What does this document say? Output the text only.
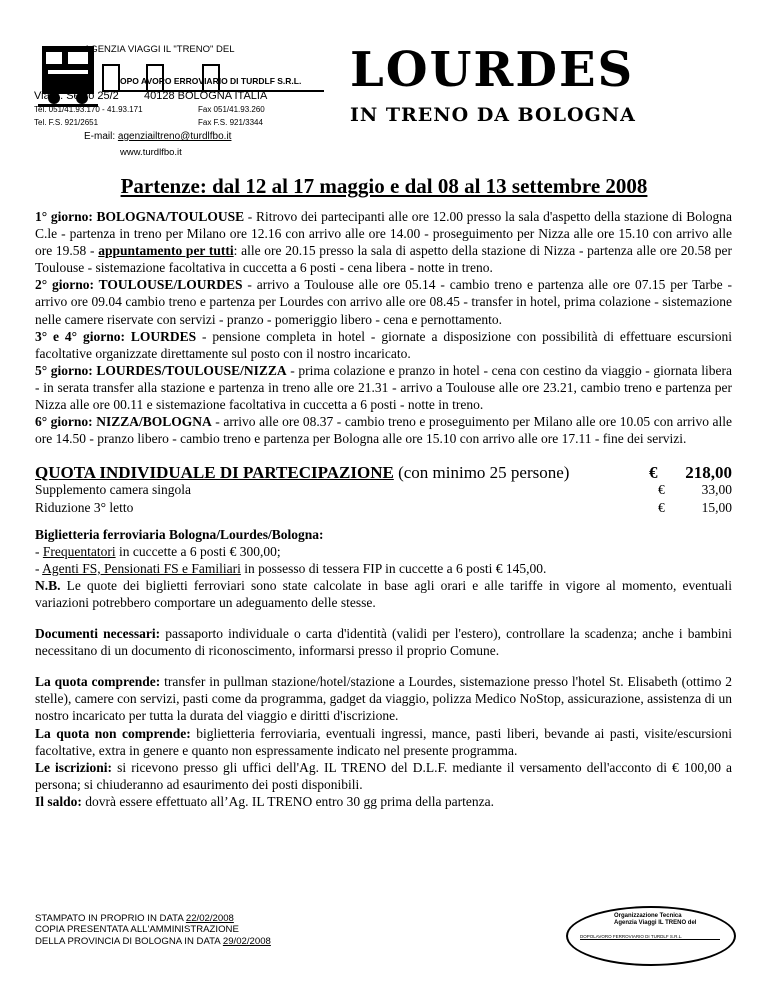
AGENZIA VIAGGI IL "TRENO" DEL
OPO AVORO ERROVIARIO DI TURDLF S.R.L.
Via S. Serlio 25/2 40128 BOLOGNA ITALIA
Tel. 051/41.93.170 - 41.93.171	Fax 051/41.93.260
Tel. F.S. 921/2651	Fax F.S. 921/3344
E-mail: agenziailtreno@turdlfbo.it
www.turdlfbo.it
LOURDES
IN TRENO DA BOLOGNA
Partenze: dal 12 al 17 maggio e dal 08 al 13 settembre 2008

1° giorno: BOLOGNA/TOULOUSE - Ritrovo dei partecipanti alle ore 12.00 presso la sala d'aspetto della stazione di Bologna C.le - partenza in treno per Milano ore 12.16 con arrivo alle ore 14.00 - proseguimento per Nizza alle ore 15.10 con arrivo alle ore 19.58 - appuntamento per tutti: alle ore 20.15 presso la sala di aspetto della stazione di Nizza - partenza alle ore 20.58 per Toulouse - sistemazione facoltativa in cuccetta a 6 posti - cena libera - notte in treno.

2° giorno: TOULOUSE/LOURDES - arrivo a Toulouse alle ore 05.14 - cambio treno e partenza alle ore 07.15 per Tarbe - arrivo ore 09.04 cambio treno e partenza per Lourdes con arrivo alle ore 08.45 - transfer in hotel, prima colazione - sistemazione nelle camere riservate con servizi - pranzo - pomeriggio libero - cena e pernottamento.

3° e 4° giorno: LOURDES - pensione completa in hotel - giornate a disposizione con possibilità di effettuare escursioni facoltative organizzate direttamente sul posto con il nostro incaricato.

5° giorno: LOURDES/TOULOUSE/NIZZA - prima colazione e pranzo in hotel - cena con cestino da viaggio - giornata libera - in serata transfer alla stazione e partenza in treno alle ore 21.31 - arrivo a Toulouse alle ore 23.21, cambio treno e partenza per Nizza alle ore 00.11 e sistemazione facoltativa in cuccetta a 6 posti - notte in treno.

6° giorno: NIZZA/BOLOGNA - arrivo alle ore 08.37 - cambio treno e proseguimento per Milano alle ore 10.05 con arrivo alle ore 14.50 - pranzo libero - cambio treno e partenza per Bologna alle ore 15.10 con arrivo alle ore 17.11 - fine dei servizi.

QUOTA INDIVIDUALE DI PARTECIPAZIONE (con minimo 25 persone)	€ 218,00
Supplemento camera singola	€	33,00
Riduzione 3° letto	€	15,00

Biglietteria ferroviaria Bologna/Lourdes/Bologna:

- Frequentatori in cuccette a 6 posti € 300,00;

- Agenti FS, Pensionati FS e Familiari in possesso di tessera FIP in cuccette a 6 posti € 145,00.

N.B. Le quote dei biglietti ferroviari sono state calcolate in base agli orari e alle tariffe in vigore al momento, eventuali variazioni potrebbero comportare un adeguamento delle stesse.

Documenti necessari: passaporto individuale o carta d'identità (validi per l'estero), controllare la scadenza; anche i bambini necessitano di un documento di riconoscimento, informarsi presso il proprio Comune.

La quota comprende: transfer in pullman stazione/hotel/stazione a Lourdes, sistemazione presso l'hotel St. Elisabeth (ottimo 2 stelle), camere con servizi, pasti come da programma, gadget da viaggio, polizza Medico NoStop, assicurazione, assistenza di un nostro incaricato per tutta la durata del viaggio e diritti d'iscrizione.

La quota non comprende: biglietteria ferroviaria, eventuali ingressi, mance, pasti liberi, bevande ai pasti, visite/escursioni facoltative, extra in genere e quanto non espressamente indicato nel presente programma.

Le iscrizioni: si ricevono presso gli uffici dell'Ag. IL TRENO del D.L.F. mediante il versamento dell'acconto di € 100,00 a persona; si chiuderanno ad esaurimento dei posti disponibili.

Il saldo: dovrà essere effettuato all’Ag. IL TRENO entro 30 gg prima della partenza.

STAMPATO IN PROPRIO IN DATA 22/02/2008
COPIA PRESENTATA ALL'AMMINISTRAZIONE
DELLA PROVINCIA DI BOLOGNA IN DATA 29/02/2008
Organizzazione Tecnica
Agenzia Viaggi IL TRENO del
DOPOLAVORO FERROVIARIO DI TURDLF S.R.L.
